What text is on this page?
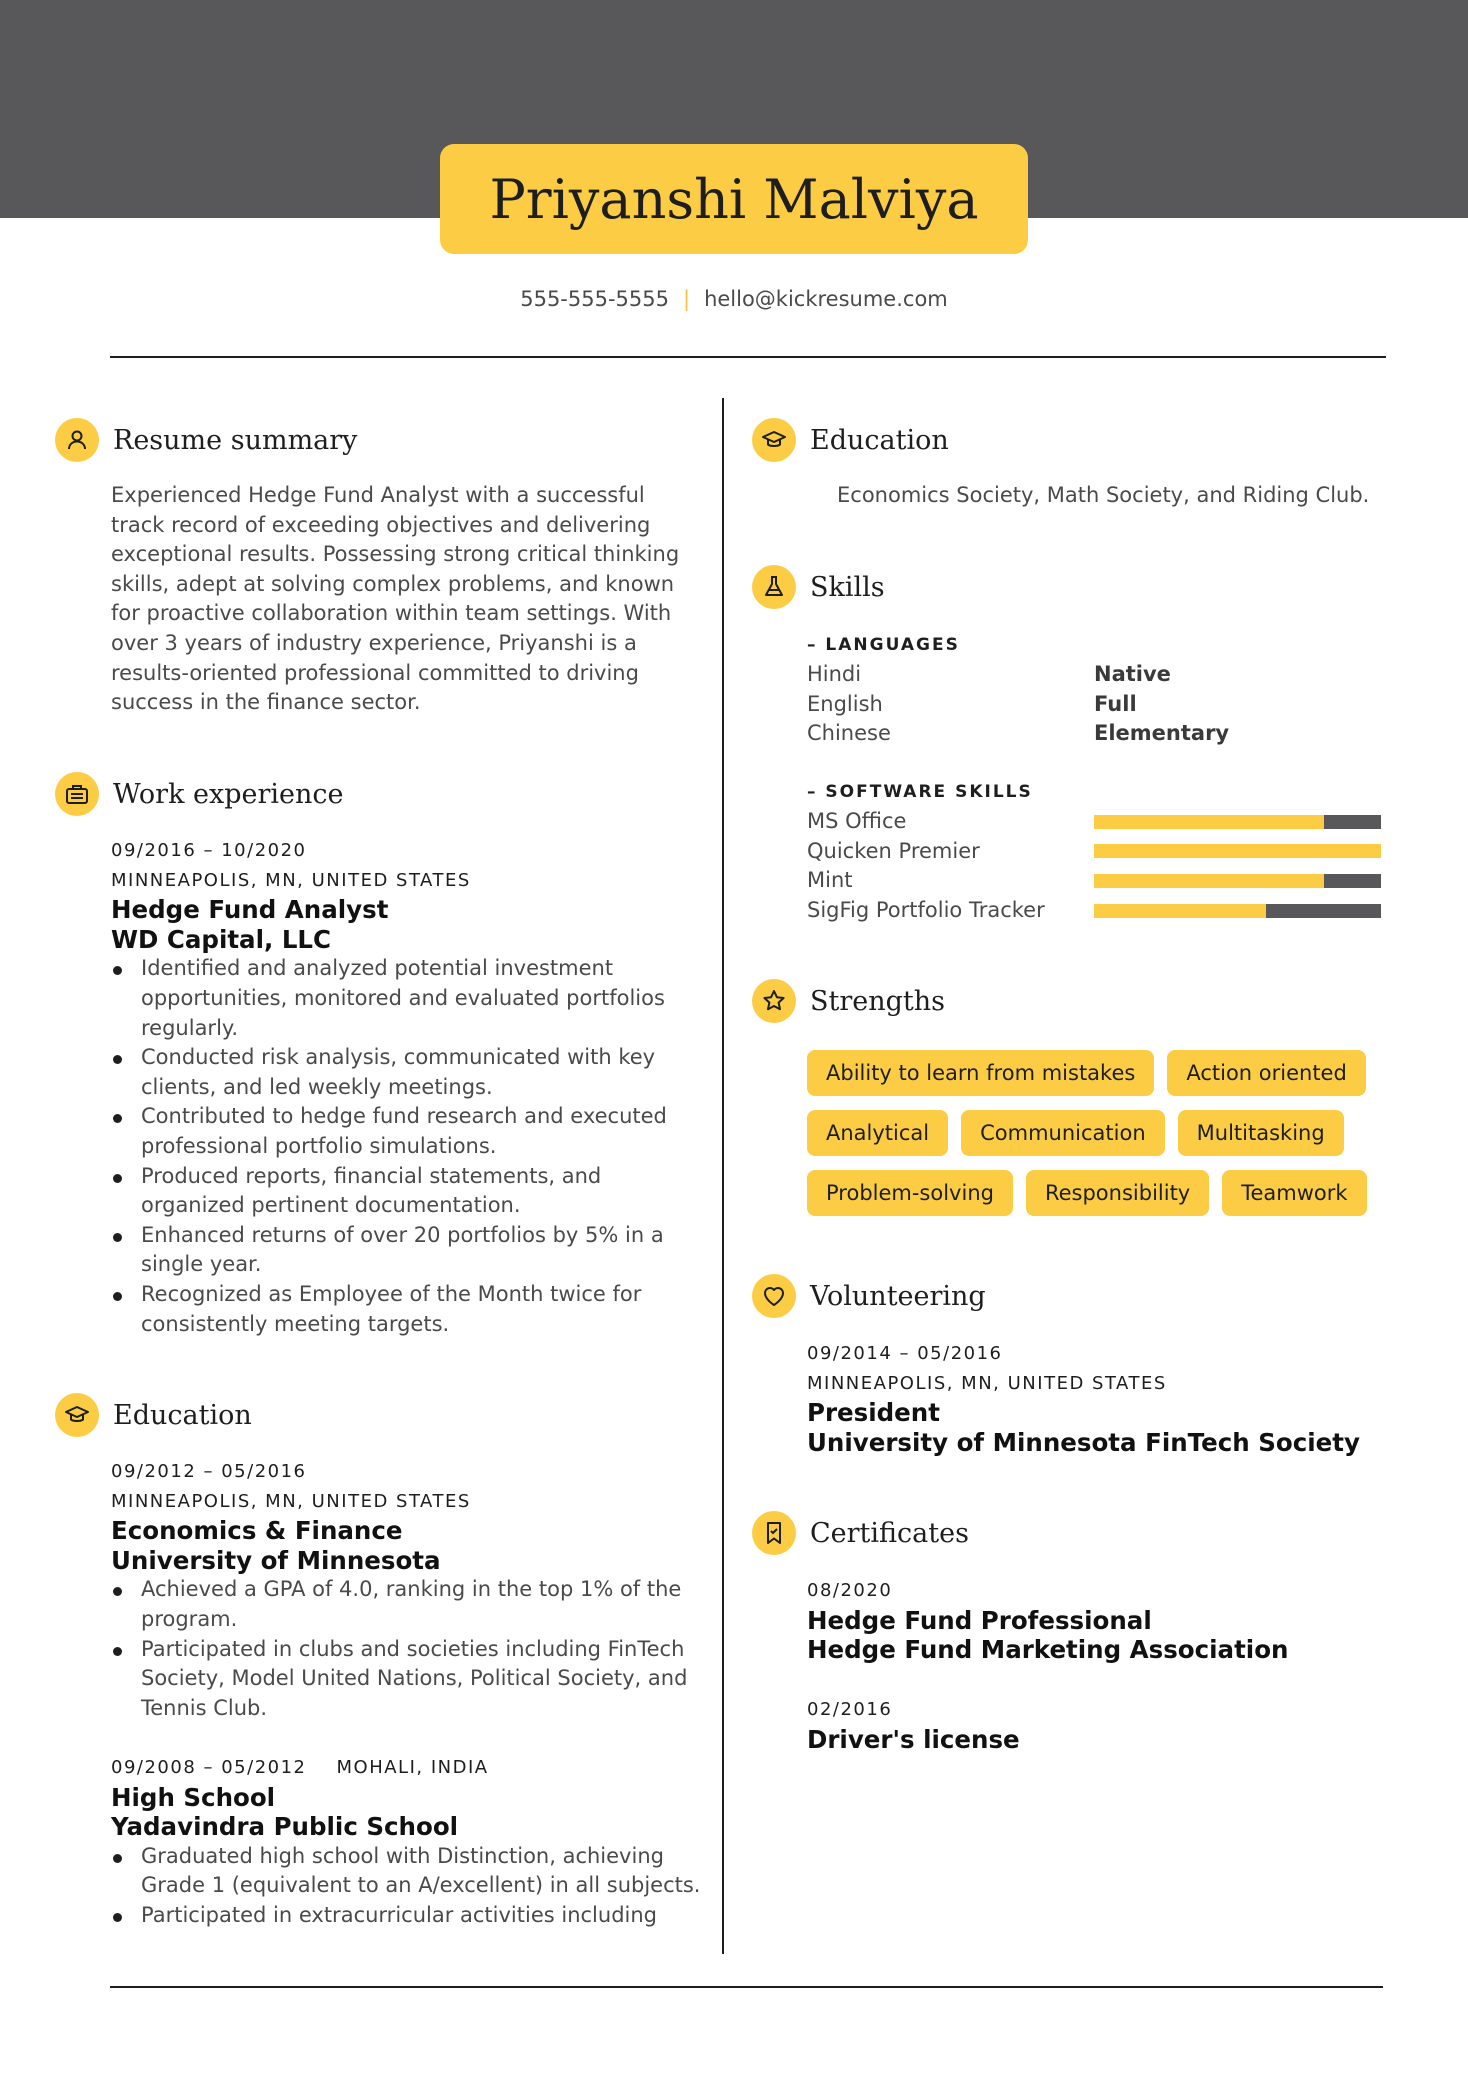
Priyanshi Malviya
555-555-5555 | hello@kickresume.com
Resume summary
Experienced Hedge Fund Analyst with a successful
track record of exceeding objectives and delivering
exceptional results. Possessing strong critical thinking
skills, adept at solving complex problems, and known
for proactive collaboration within team settings. With
over 3 years of industry experience, Priyanshi is a
results-oriented professional committed to driving
success in the finance sector.
Work experience
09/2016 – 10/2020
MINNEAPOLIS, MN, UNITED STATES
Hedge Fund Analyst
WD Capital, LLC
Identified and analyzed potential investment
opportunities, monitored and evaluated portfolios
regularly.
Conducted risk analysis, communicated with key
clients, and led weekly meetings.
Contributed to hedge fund research and executed
professional portfolio simulations.
Produced reports, financial statements, and
organized pertinent documentation.
Enhanced returns of over 20 portfolios by 5% in a
single year.
Recognized as Employee of the Month twice for
consistently meeting targets.
Education
09/2012 – 05/2016
MINNEAPOLIS, MN, UNITED STATES
Economics & Finance
University of Minnesota
Achieved a GPA of 4.0, ranking in the top 1% of the
program.
Participated in clubs and societies including FinTech
Society, Model United Nations, Political Society, and
Tennis Club.
09/2008 – 05/2012 MOHALI, INDIA
High School
Yadavindra Public School
Graduated high school with Distinction, achieving
Grade 1 (equivalent to an A/excellent) in all subjects.
Participated in extracurricular activities including
Education
Economics Society, Math Society, and Riding Club.
Skills
– LANGUAGES
Hindi	Native
English	Full
Chinese	Elementary
– SOFTWARE SKILLS
MS Office
Quicken Premier
Mint
SigFig Portfolio Tracker
Strengths
Ability to learn from mistakes	Action oriented
Analytical	Communication	Multitasking
Problem-solving	Responsibility	Teamwork
Volunteering
09/2014 – 05/2016
MINNEAPOLIS, MN, UNITED STATES
President
University of Minnesota FinTech Society
Certificates
08/2020
Hedge Fund Professional
Hedge Fund Marketing Association
02/2016
Driver's license
